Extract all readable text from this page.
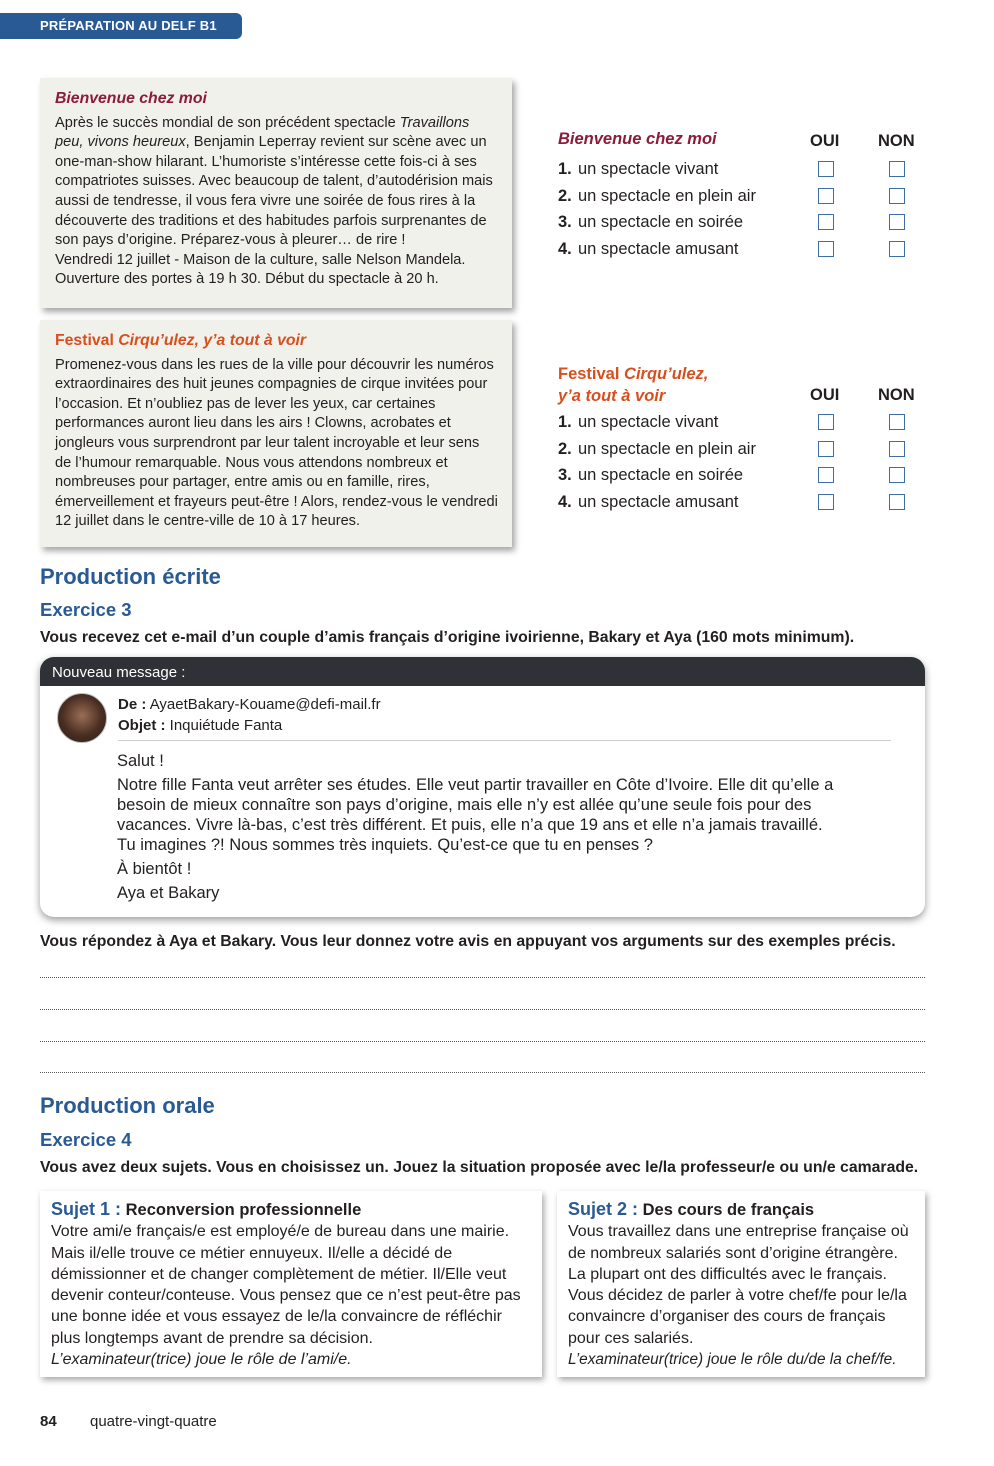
PRÉPARATION AU DELF B1
Bienvenue chez moi

Après le succès mondial de son précédent spectacle Travaillons peu, vivons heureux, Benjamin Leperray revient sur scène avec un one-man-show hilarant. L’humoriste s’intéresse cette fois-ci à ses compatriotes suisses. Avec beaucoup de talent, d’autodérision mais aussi de tendresse, il vous fera vivre une soirée de fous rires à la découverte des traditions et des habitudes parfois surprenantes de son pays d’origine. Préparez-vous à pleurer… de rire !

Vendredi 12 juillet - Maison de la culture, salle Nelson Mandela.

Ouverture des portes à 19 h 30. Début du spectacle à 20 h.

Festival Cirqu’ulez, y’a tout à voir

Promenez-vous dans les rues de la ville pour découvrir les numéros extraordinaires des huit jeunes compagnies de cirque invitées pour l’occasion. Et n’oubliez pas de lever les yeux, car certaines performances auront lieu dans les airs ! Clowns, acrobates et jongleurs vous surprendront par leur talent incroyable et leur sens de l’humour remarquable. Nous vous attendons nombreux et nombreuses pour partager, entre amis ou en famille, rires, émerveillement et frayeurs peut-être ! Alors, rendez-vous le vendredi 12 juillet dans le centre-ville de 10 à 17 heures.

Bienvenue chez moi	OUI NON
1. un spectacle vivant
2. un spectacle en plein air
3. un spectacle en soirée
4. un spectacle amusant
Festival Cirqu’ulez,
y’a tout à voir	OUI NON
1. un spectacle vivant
2. un spectacle en plein air
3. un spectacle en soirée
4. un spectacle amusant
Production écrite
Exercice 3
Vous recevez cet e-mail d’un couple d’amis français d’origine ivoirienne, Bakary et Aya (160 mots minimum).
Nouveau message :
De : AyaetBakary-Kouame@defi-mail.fr
Objet : Inquiétude Fanta

Salut !

Notre fille Fanta veut arrêter ses études. Elle veut partir travailler en Côte d’Ivoire. Elle dit qu’elle a besoin de mieux connaître son pays d’origine, mais elle n’y est allée qu’une seule fois pour des vacances. Vivre là-bas, c’est très différent. Et puis, elle n’a que 19 ans et elle n’a jamais travaillé. Tu imagines ?! Nous sommes très inquiets. Qu’est-ce que tu en penses ?

À bientôt !

Aya et Bakary

Vous répondez à Aya et Bakary. Vous leur donnez votre avis en appuyant vos arguments sur des exemples précis.
Production orale
Exercice 4
Vous avez deux sujets. Vous en choisissez un. Jouez la situation proposée avec le/la professeur/e ou un/e camarade.
Sujet 1 : Reconversion professionnelle

Votre ami/e français/e est employé/e de bureau dans une mairie. Mais il/elle trouve ce métier ennuyeux. Il/elle a décidé de démissionner et de changer complètement de métier. Il/Elle veut devenir conteur/conteuse. Vous pensez que ce n’est peut-être pas une bonne idée et vous essayez de le/la convaincre de réfléchir plus longtemps avant de prendre sa décision.

L’examinateur(trice) joue le rôle de l’ami/e.

Sujet 2 : Des cours de français

Vous travaillez dans une entreprise française où de nombreux salariés sont d’origine étrangère. La plupart ont des difficultés avec le français. Vous décidez de parler à votre chef/fe pour le/la convaincre d’organiser des cours de français pour ces salariés.

L’examinateur(trice) joue le rôle du/de la chef/fe.

84 quatre-vingt-quatre
